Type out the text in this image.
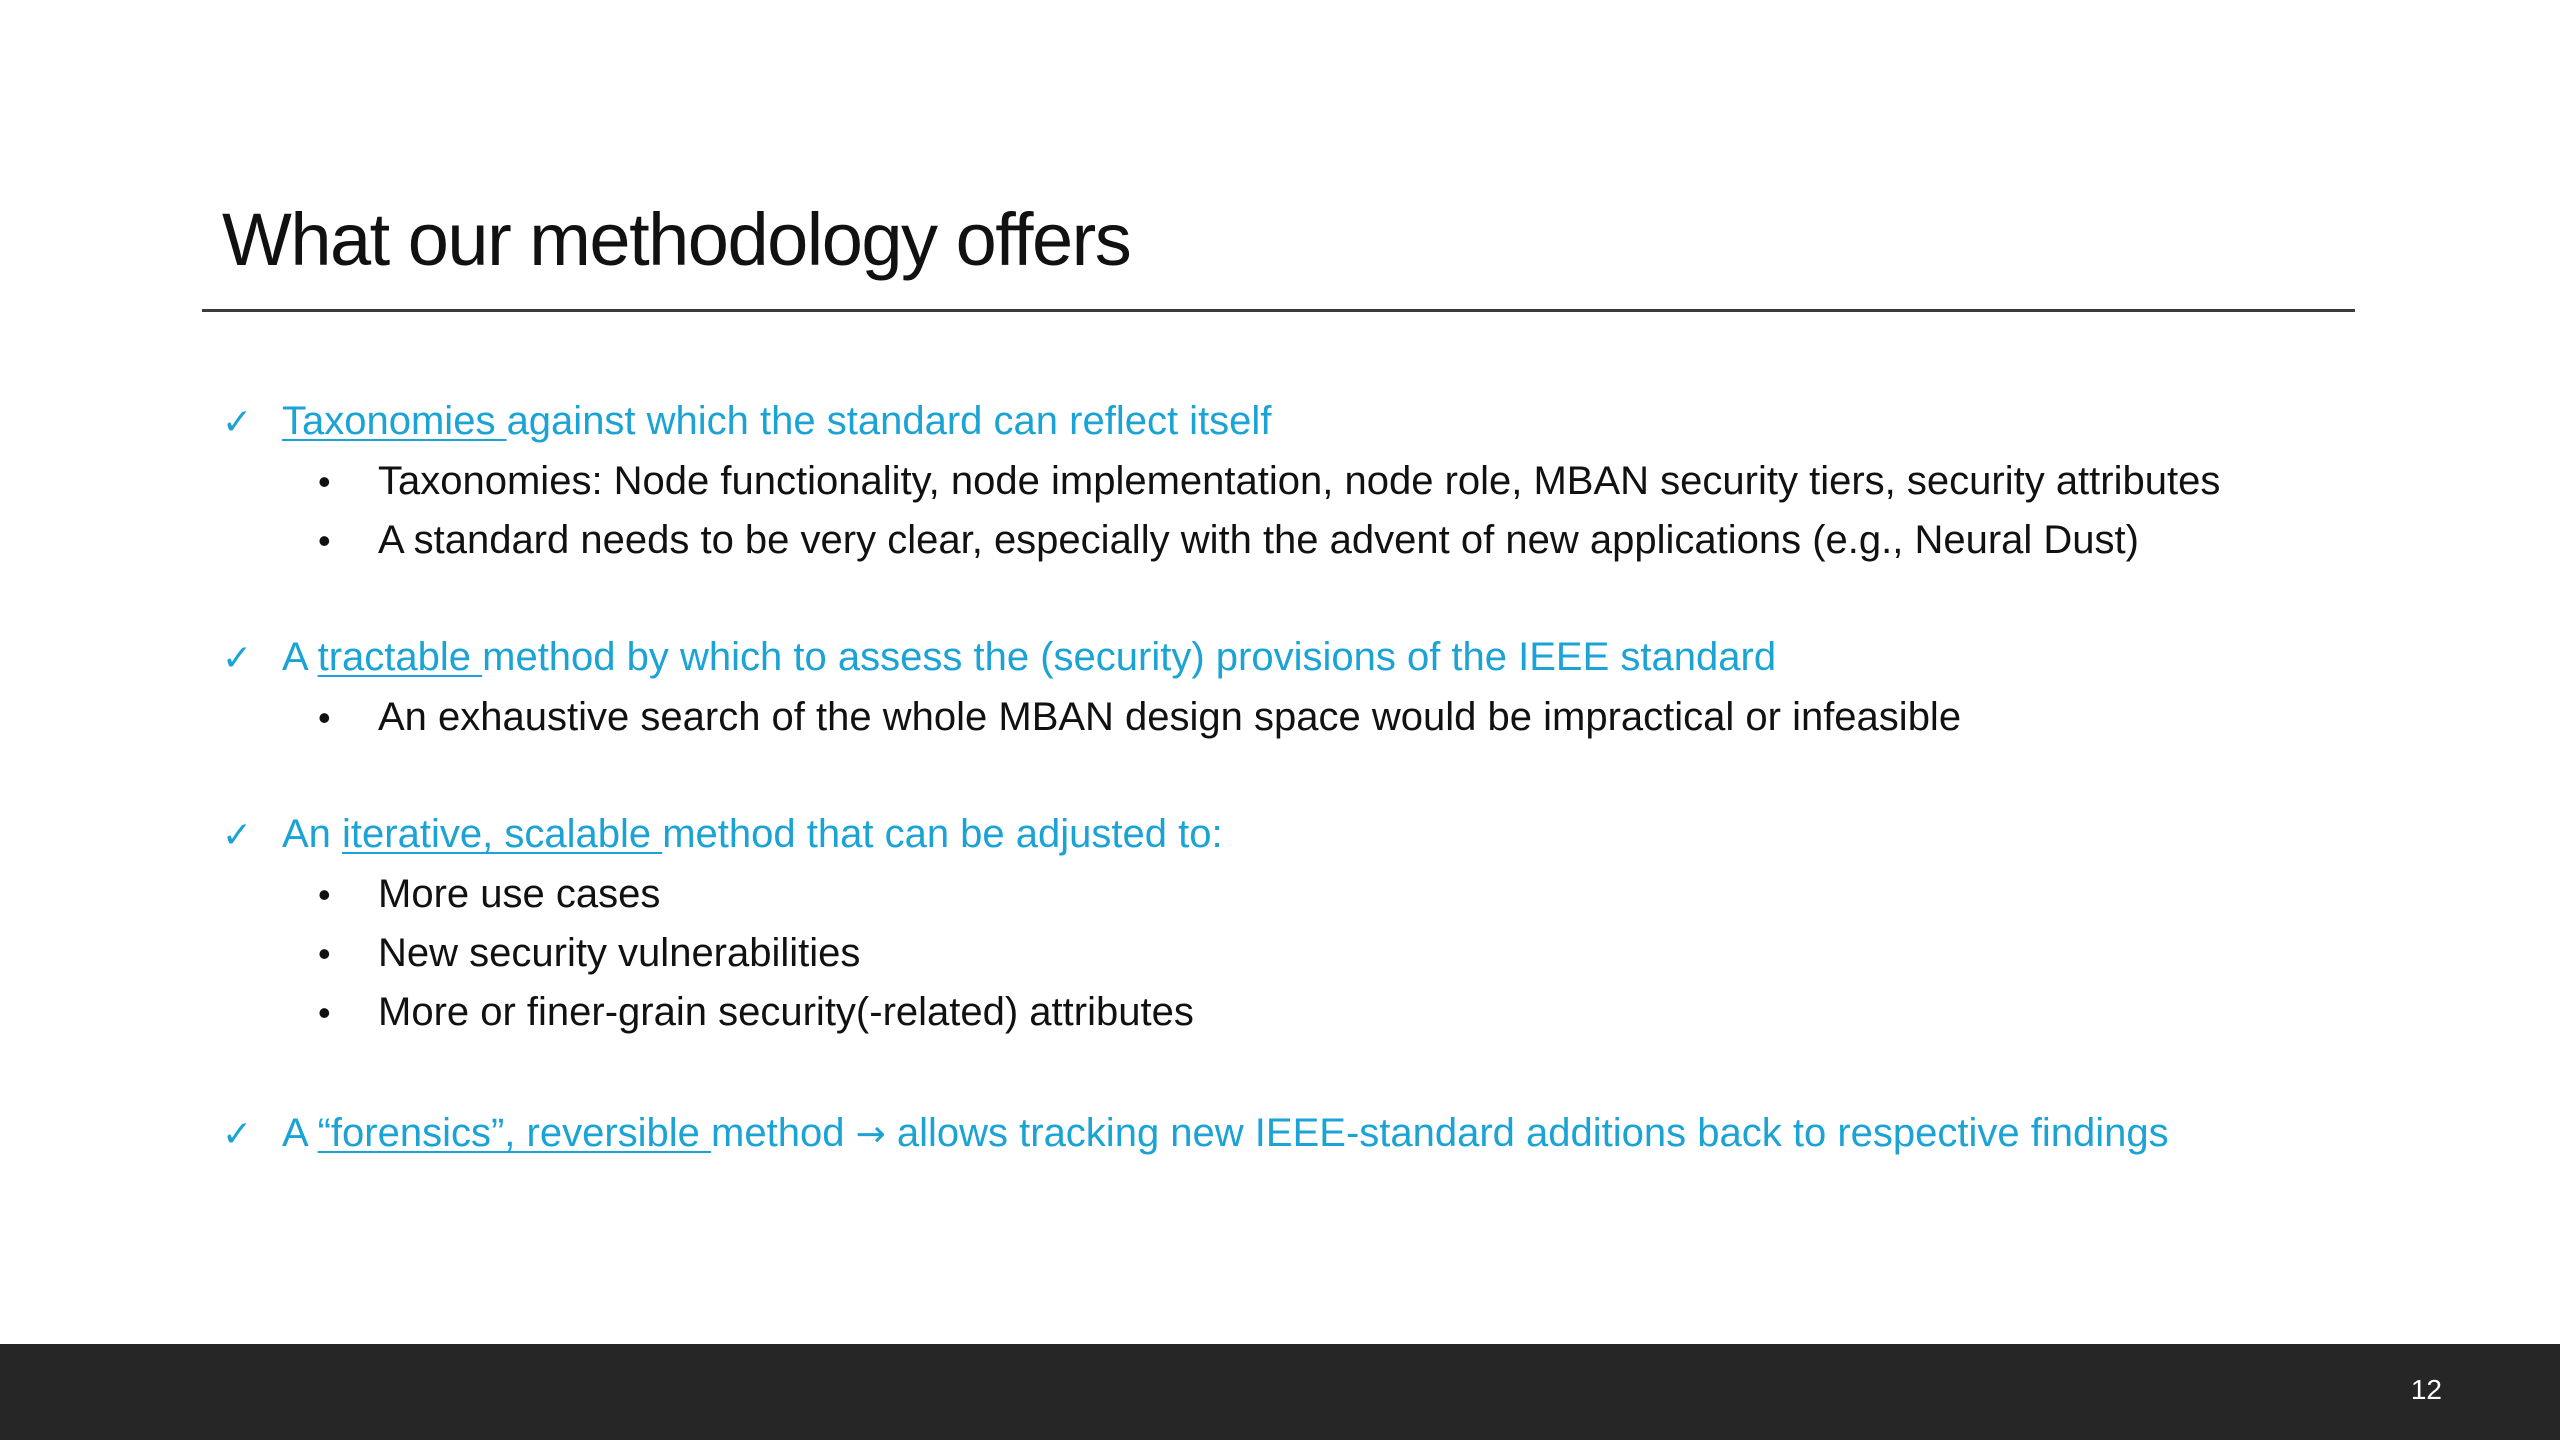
What our methodology offers
✓ Taxonomies against which the standard can reflect itself
•	Taxonomies: Node functionality, node implementation, node role, MBAN security tiers, security attributes
•	A standard needs to be very clear, especially with the advent of new applications (e.g., Neural Dust)
✓ A tractable method by which to assess the (security) provisions of the IEEE standard
•	An exhaustive search of the whole MBAN design space would be impractical or infeasible
✓ An iterative, scalable method that can be adjusted to:
•	More use cases
•	New security vulnerabilities
•	More or finer-grain security(-related) attributes
✓ A “forensics”, reversible method → allows tracking new IEEE-standard additions back to respective findings
12
